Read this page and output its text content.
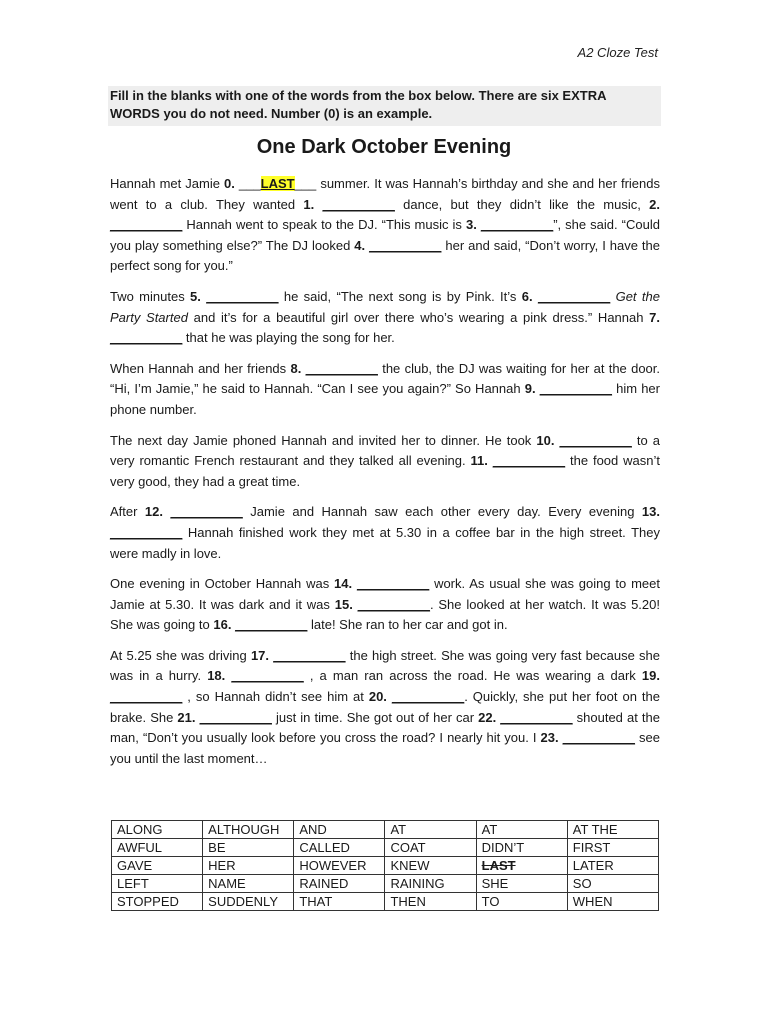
A2 Cloze Test
Fill in the blanks with one of the words from the box below. There are six EXTRA WORDS you do not need. Number (0) is an example.
One Dark October Evening

Hannah met Jamie 0. ___LAST___ summer. It was Hannah’s birthday and she and her friends went to a club. They wanted 1. __________ dance, but they didn’t like the music, 2. __________ Hannah went to speak to the DJ. “This music is 3. __________”, she said. “Could you play something else?” The DJ looked 4. __________ her and said, “Don’t worry, I have the perfect song for you.”

Two minutes 5. __________ he said, “The next song is by Pink. It’s 6. __________ Get the Party Started and it’s for a beautiful girl over there who’s wearing a pink dress.” Hannah 7. __________ that he was playing the song for her.

When Hannah and her friends 8. __________ the club, the DJ was waiting for her at the door. “Hi, I’m Jamie,” he said to Hannah. “Can I see you again?” So Hannah 9. __________ him her phone number.

The next day Jamie phoned Hannah and invited her to dinner. He took 10. __________ to a very romantic French restaurant and they talked all evening. 11. __________ the food wasn’t very good, they had a great time.

After 12. __________ Jamie and Hannah saw each other every day. Every evening 13. __________ Hannah finished work they met at 5.30 in a coffee bar in the high street. They were madly in love.

One evening in October Hannah was 14. __________ work. As usual she was going to meet Jamie at 5.30. It was dark and it was 15. __________. She looked at her watch. It was 5.20! She was going to 16. __________ late! She ran to her car and got in.

At 5.25 she was driving 17. __________ the high street. She was going very fast because she was in a hurry. 18. __________ , a man ran across the road. He was wearing a dark 19. __________ , so Hannah didn’t see him at 20. __________. Quickly, she put her foot on the brake. She 21. __________ just in time. She got out of her car 22. __________ shouted at the man, “Don’t you usually look before you cross the road? I nearly hit you. I 23. __________ see you until the last moment…

ALONG	ALTHOUGH	AND	AT	AT	AT THE
AWFUL	BE	CALLED	COAT	DIDN’T	FIRST
GAVE	HER	HOWEVER	KNEW	LAST	LATER
LEFT	NAME	RAINED	RAINING	SHE	SO
STOPPED	SUDDENLY	THAT	THEN	TO	WHEN
